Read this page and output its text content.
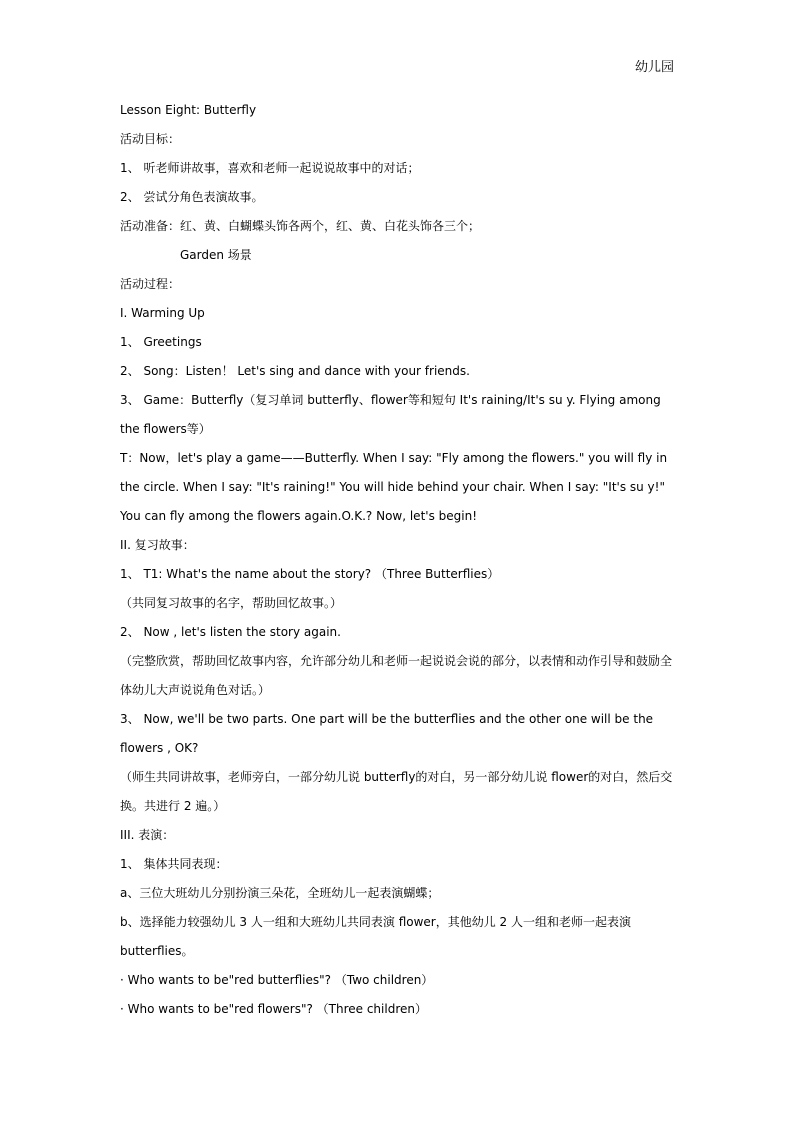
幼儿园
Lesson Eight: Butterfly
活动目标：
1、 听老师讲故事，喜欢和老师一起说说故事中的对话；
2、 尝试分角色表演故事。
活动准备：红、黄、白蝴蝶头饰各两个，红、黄、白花头饰各三个；
Garden 场景
活动过程：
I. Warming Up
1、 Greetings
2、 Song：Listen！ Let's sing and dance with your friends.
3、 Game：Butterfly（复习单词 butterfly、flower等和短句 It's raining/It's su y. Flying among
the flowers等）
T：Now，let's play a game——Butterfly. When I say: "Fly among the flowers." you will fly in
the circle. When I say: "It's raining!" You will hide behind your chair. When I say: "It's su y!"
You can fly among the flowers again.O.K.? Now, let's begin!
II. 复习故事：
1、 T1: What's the name about the story? （Three Butterflies）
（共同复习故事的名字，帮助回忆故事。）
2、 Now , let's listen the story again.
（完整欣赏，帮助回忆故事内容，允许部分幼儿和老师一起说说会说的部分，以表情和动作引导和鼓励全
体幼儿大声说说角色对话。）
3、 Now, we'll be two parts. One part will be the butterflies and the other one will be the
flowers , OK?
（师生共同讲故事，老师旁白，一部分幼儿说 butterfly的对白，另一部分幼儿说 flower的对白，然后交
换。共进行 2 遍。）
III. 表演：
1、 集体共同表现：
a、三位大班幼儿分别扮演三朵花，全班幼儿一起表演蝴蝶；
b、选择能力较强幼儿 3 人一组和大班幼儿共同表演 flower，其他幼儿 2 人一组和老师一起表演
butterflies。
· Who wants to be"red butterflies"? （Two children）
· Who wants to be"red flowers"? （Three children）
